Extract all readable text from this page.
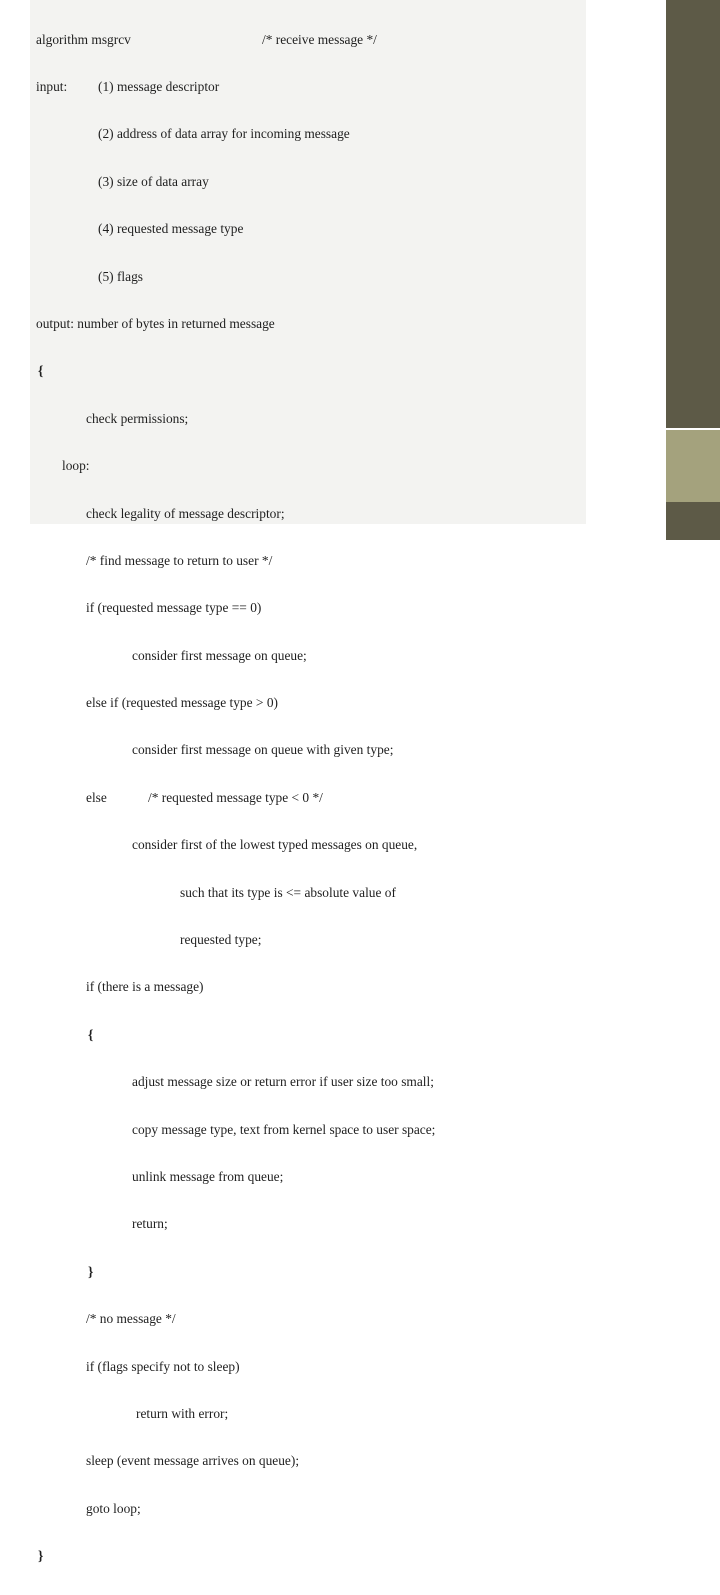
algorithm msgrcv

	/* receive message */

input:

(1) message descriptor

(2) address of data array for incoming message

(3) size of data array

(4) requested message type

(5) flags

output: number of bytes in returned message

{

check permissions;

loop:

check legality of message descriptor;

/* find message to return to user */

if (requested message type == 0)

consider first message on queue;

else if (requested message type > 0)

consider first message on queue with given type;

else

	/* requested message type < 0 */

consider first of the lowest typed messages on queue,

such that its type is <= absolute value of

requested type;

if (there is a message)

{

adjust message size or return error if user size too small;

copy message type, text from kernel space to user space;

unlink message from queue;

return;

}

/* no message */

if (flags specify not to sleep)

return with error;

sleep (event message arrives on queue);

goto loop;

}
